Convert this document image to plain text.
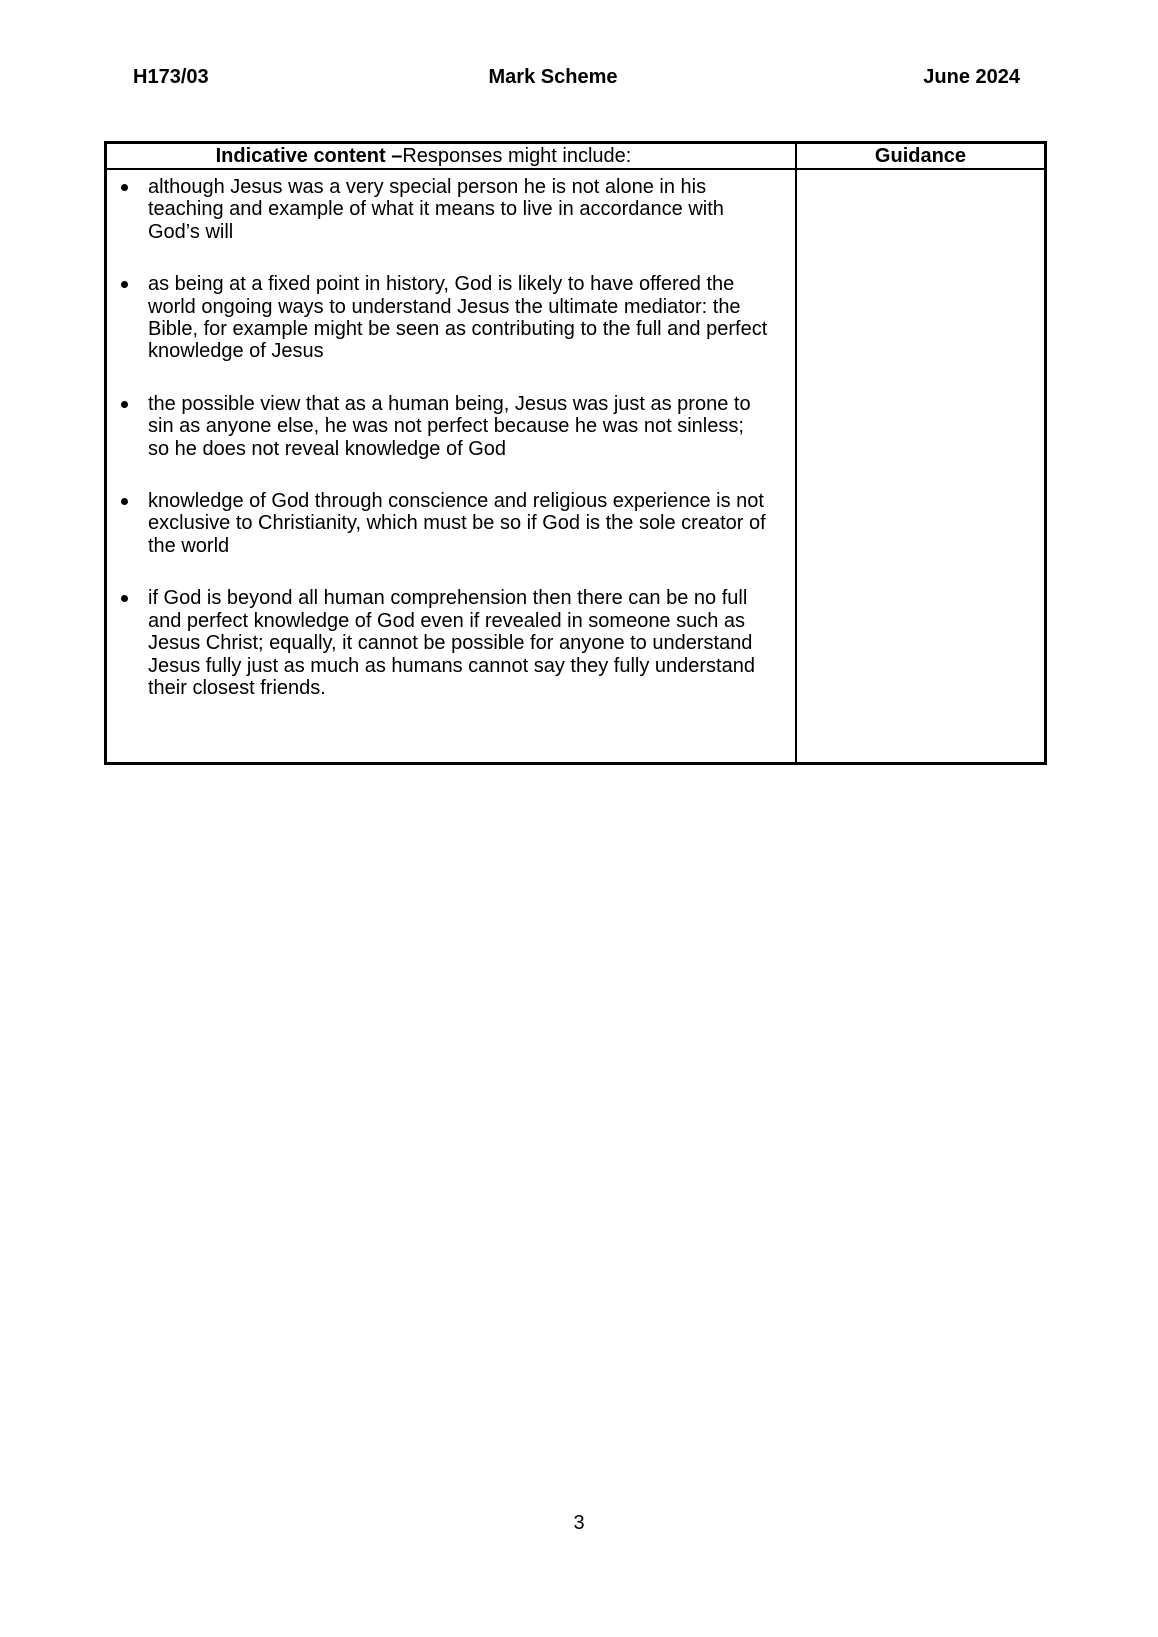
H173/03	Mark Scheme	June 2024
Indicative content – Responses might include:	Guidance
although Jesus was a very special person he is not alone in his teaching and example of what it means to live in accordance with God’s will
as being at a fixed point in history, God is likely to have offered the world ongoing ways to understand Jesus the ultimate mediator: the Bible, for example might be seen as contributing to the full and perfect knowledge of Jesus
the possible view that as a human being, Jesus was just as prone to sin as anyone else, he was not perfect because he was not sinless; so he does not reveal knowledge of God
knowledge of God through conscience and religious experience is not exclusive to Christianity, which must be so if God is the sole creator of the world
if God is beyond all human comprehension then there can be no full and perfect knowledge of God even if revealed in someone such as Jesus Christ; equally, it cannot be possible for anyone to understand Jesus fully just as much as humans cannot say they fully understand their closest friends.
3
